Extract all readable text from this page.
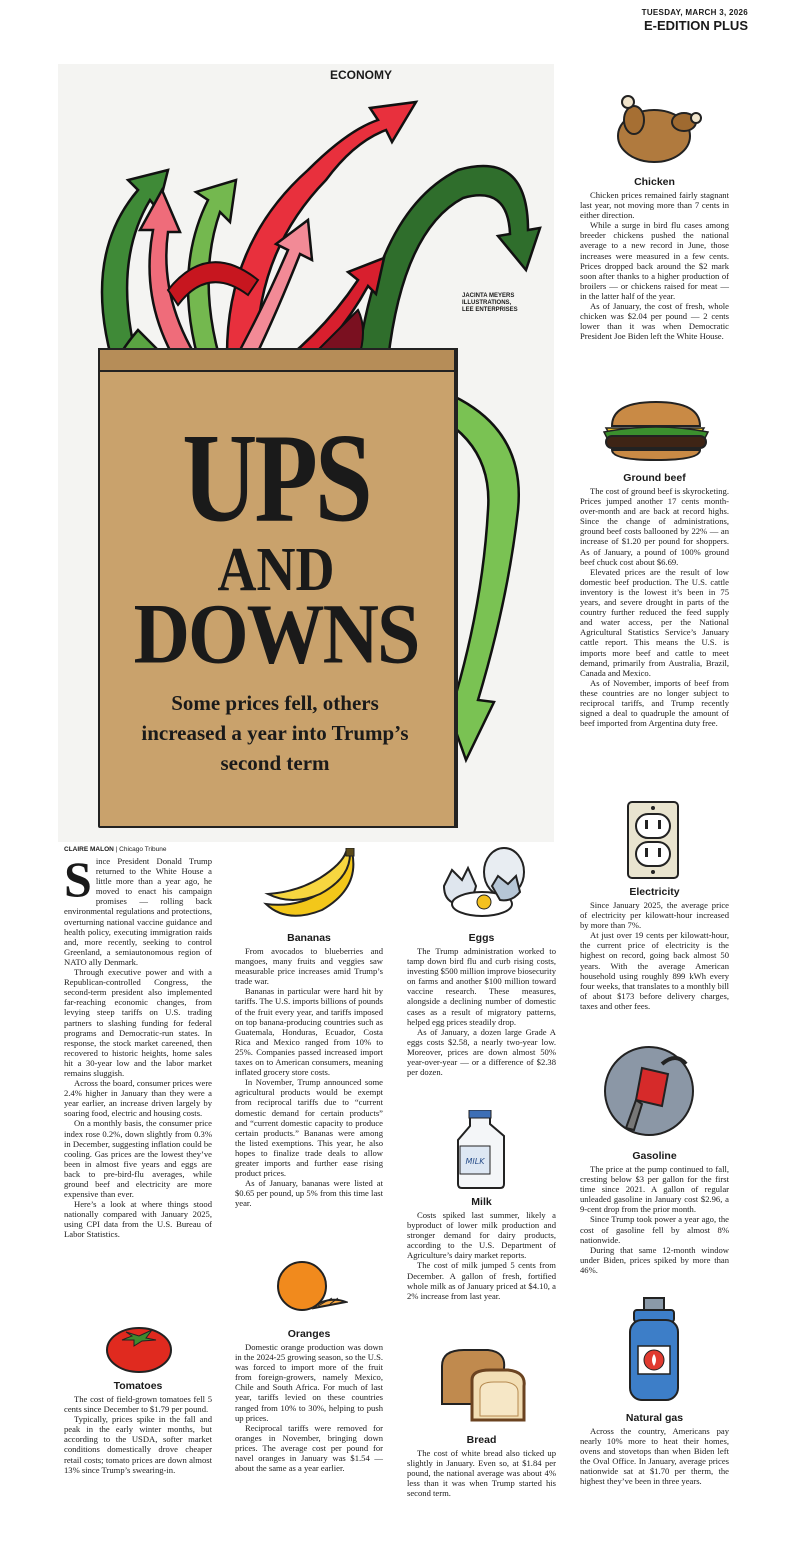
TUESDAY, MARCH 3, 2026
E-EDITION PLUS
ECONOMY
JACINTA MEYERS
ILLUSTRATIONS,
LEE ENTERPRISES
UPS
AND
DOWNS
Some prices fell, others increased a year into Trump’s second term
CLAIRE MALON | Chicago Tribune

Since President Donald Trump returned to the White House a little more than a year ago, he moved to enact his campaign promises — rolling back environmental regulations and protections, overturning national vaccine guidance and health policy, executing immigration raids and, more recently, seeking to control Greenland, a semiautonomous region of NATO ally Denmark.

Through executive power and with a Republican-controlled Congress, the second-term president also implemented far-reaching economic changes, from levying steep tariffs on U.S. trading partners to slashing funding for federal programs and Democratic-run states. In response, the stock market careened, then recovered to historic heights, home sales hit a 30-year low and the labor market remains sluggish.

Across the board, consumer prices were 2.4% higher in January than they were a year earlier, an increase driven largely by soaring food, electric and housing costs.

On a monthly basis, the consumer price index rose 0.2%, down slightly from 0.3% in December, suggesting inflation could be cooling. Gas prices are the lowest they’ve been in almost five years and eggs are back to pre-bird-flu averages, while ground beef and electricity are more expensive than ever.

Here’s a look at where things stood nationally compared with January 2025, using CPI data from the U.S. Bureau of Labor Statistics.

Tomatoes

The cost of field-grown tomatoes fell 5 cents since December to $1.79 per pound.

Typically, prices spike in the fall and peak in the early winter months, but according to the USDA, softer market conditions domestically drove cheaper retail costs; tomato prices are down almost 13% since Trump’s swearing-in.

Bananas

From avocados to blueberries and mangoes, many fruits and veggies saw measurable price increases amid Trump’s trade war.

Bananas in particular were hard hit by tariffs. The U.S. imports billions of pounds of the fruit every year, and tariffs imposed on top banana-producing countries such as Guatemala, Honduras, Ecuador, Costa Rica and Mexico ranged from 10% to 25%. Companies passed increased import taxes on to American consumers, meaning inflated grocery store costs.

In November, Trump announced some agricultural products would be exempt from reciprocal tariffs due to “current domestic demand for certain products” and “current domestic capacity to produce certain products.” Bananas were among the listed exemptions. This year, he also hopes to finalize trade deals to allow greater imports and further ease rising product prices.

As of January, bananas were listed at $0.65 per pound, up 5% from this time last year.

Oranges

Domestic orange production was down in the 2024-25 growing season, so the U.S. was forced to import more of the fruit from foreign-growers, namely Mexico, Chile and South Africa. For much of last year, tariffs levied on these countries ranged from 10% to 30%, helping to push up prices.

Reciprocal tariffs were removed for oranges in November, bringing down prices. The average cost per pound for navel oranges in January was $1.54 — about the same as a year earlier.

Eggs

The Trump administration worked to tamp down bird flu and curb rising costs, investing $500 million improve biosecurity on farms and another $100 million toward vaccine research. These measures, alongside a declining number of domestic cases as a result of migratory patterns, helped egg prices steadily drop.

As of January, a dozen large Grade A eggs costs $2.58, a nearly two-year low. Moreover, prices are down almost 50% year-over-year — or a difference of $2.38 per dozen.

MILK
Milk

Costs spiked last summer, likely a byproduct of lower milk production and stronger demand for dairy products, according to the U.S. Department of Agriculture’s dairy market reports.

The cost of milk jumped 5 cents from December. A gallon of fresh, fortified whole milk as of January priced at $4.10, a 2% increase from last year.

Bread

The cost of white bread also ticked up slightly in January. Even so, at $1.84 per pound, the national average was about 4% less than it was when Trump started his second term.

Chicken

Chicken prices remained fairly stagnant last year, not moving more than 7 cents in either direction.

While a surge in bird flu cases among breeder chickens pushed the national average to a new record in June, those increases were measured in a few cents. Prices dropped back around the $2 mark soon after thanks to a higher production of broilers — or chickens raised for meat — in the latter half of the year.

As of January, the cost of fresh, whole chicken was $2.04 per pound — 2 cents lower than it was when Democratic President Joe Biden left the White House.

Ground beef

The cost of ground beef is skyrocketing. Prices jumped another 17 cents month-over-month and are back at record highs. Since the change of administrations, ground beef costs ballooned by 22% — an increase of $1.20 per pound for shoppers. As of January, a pound of 100% ground beef chuck cost about $6.69.

Elevated prices are the result of low domestic beef production. The U.S. cattle inventory is the lowest it’s been in 75 years, and severe drought in parts of the country further reduced the feed supply and water access, per the National Agricultural Statistics Service’s January cattle report. This means the U.S. is imports more beef and cattle to meet demand, primarily from Australia, Brazil, Canada and Mexico.

As of November, imports of beef from these countries are no longer subject to reciprocal tariffs, and Trump recently signed a deal to quadruple the amount of beef imported from Argentina duty free.

Electricity

Since January 2025, the average price of electricity per kilowatt-hour increased by more than 7%.

At just over 19 cents per kilowatt-hour, the current price of electricity is the highest on record, going back almost 50 years. With the average American household using roughly 899 kWh every four weeks, that translates to a monthly bill of about $173 before delivery charges, taxes and other fees.

Gasoline

The price at the pump continued to fall, cresting below $3 per gallon for the first time since 2021. A gallon of regular unleaded gasoline in January cost $2.96, a 9-cent drop from the prior month.

Since Trump took power a year ago, the cost of gasoline fell by almost 8% nationwide.

During that same 12-month window under Biden, prices spiked by more than 46%.

Natural gas

Across the country, Americans pay nearly 10% more to heat their homes, ovens and stovetops than when Biden left the Oval Office. In January, average prices nationwide sat at $1.70 per therm, the highest they’ve been in three years.
